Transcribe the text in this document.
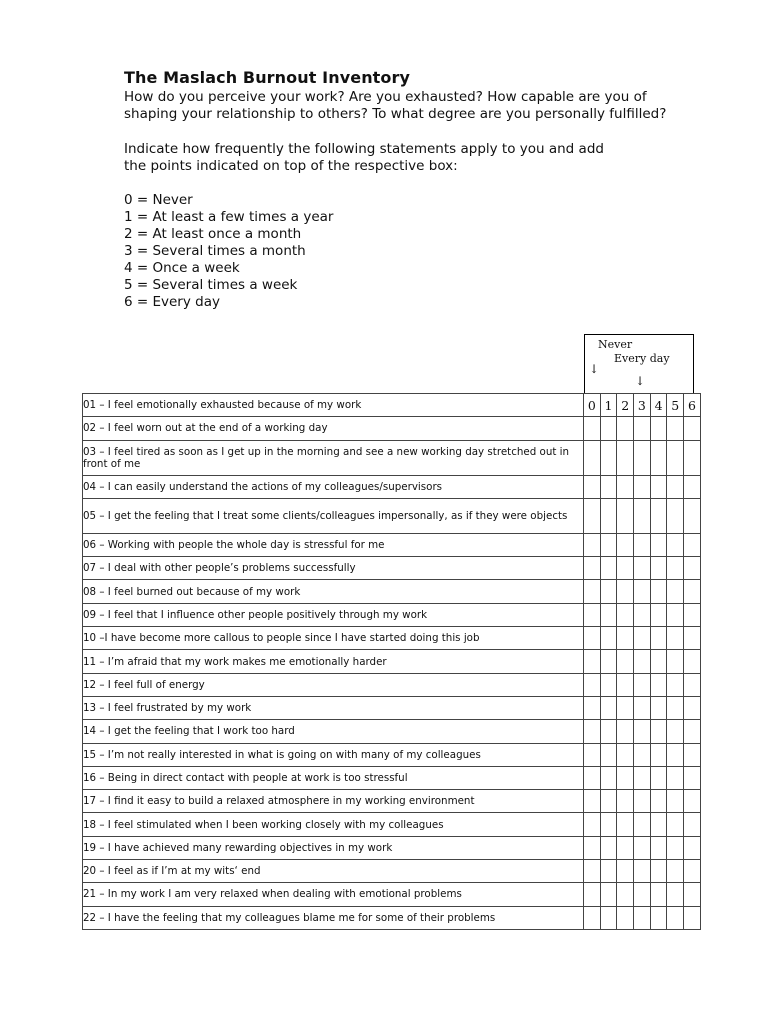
The Maslach Burnout Inventory
How do you perceive your work? Are you exhausted? How capable are you of
shaping your relationship to others? To what degree are you personally fulfilled?
Indicate how frequently the following statements apply to you and add
the points indicated on top of the respective box:
0 = Never
1 = At least a few times a year
2 = At least once a month
3 = Several times a month
4 = Once a week
5 = Several times a week
6 = Every day
Never
Every day
↓
↓
01 – I feel emotionally exhausted because of my work	0	1	2	3	4	5	6
02 – I feel worn out at the end of a working day							
03 – I feel tired as soon as I get up in the morning and see a new working day stretched out in front of me							
04 – I can easily understand the actions of my colleagues/supervisors							
05 – I get the feeling that I treat some clients/colleagues impersonally, as if they were objects							
06 – Working with people the whole day is stressful for me							
07 – I deal with other people’s problems successfully							
08 – I feel burned out because of my work							
09 – I feel that I influence other people positively through my work							
10 –I have become more callous to people since I have started doing this job							
11 – I’m afraid that my work makes me emotionally harder							
12 – I feel full of energy							
13 – I feel frustrated by my work							
14 – I get the feeling that I work too hard							
15 – I’m not really interested in what is going on with many of my colleagues							
16 – Being in direct contact with people at work is too stressful							
17 – I find it easy to build a relaxed atmosphere in my working environment							
18 – I feel stimulated when I been working closely with my colleagues							
19 – I have achieved many rewarding objectives in my work							
20 – I feel as if I’m at my wits‘ end							
21 – In my work I am very relaxed when dealing with emotional problems							
22 – I have the feeling that my colleagues blame me for some of their problems							
